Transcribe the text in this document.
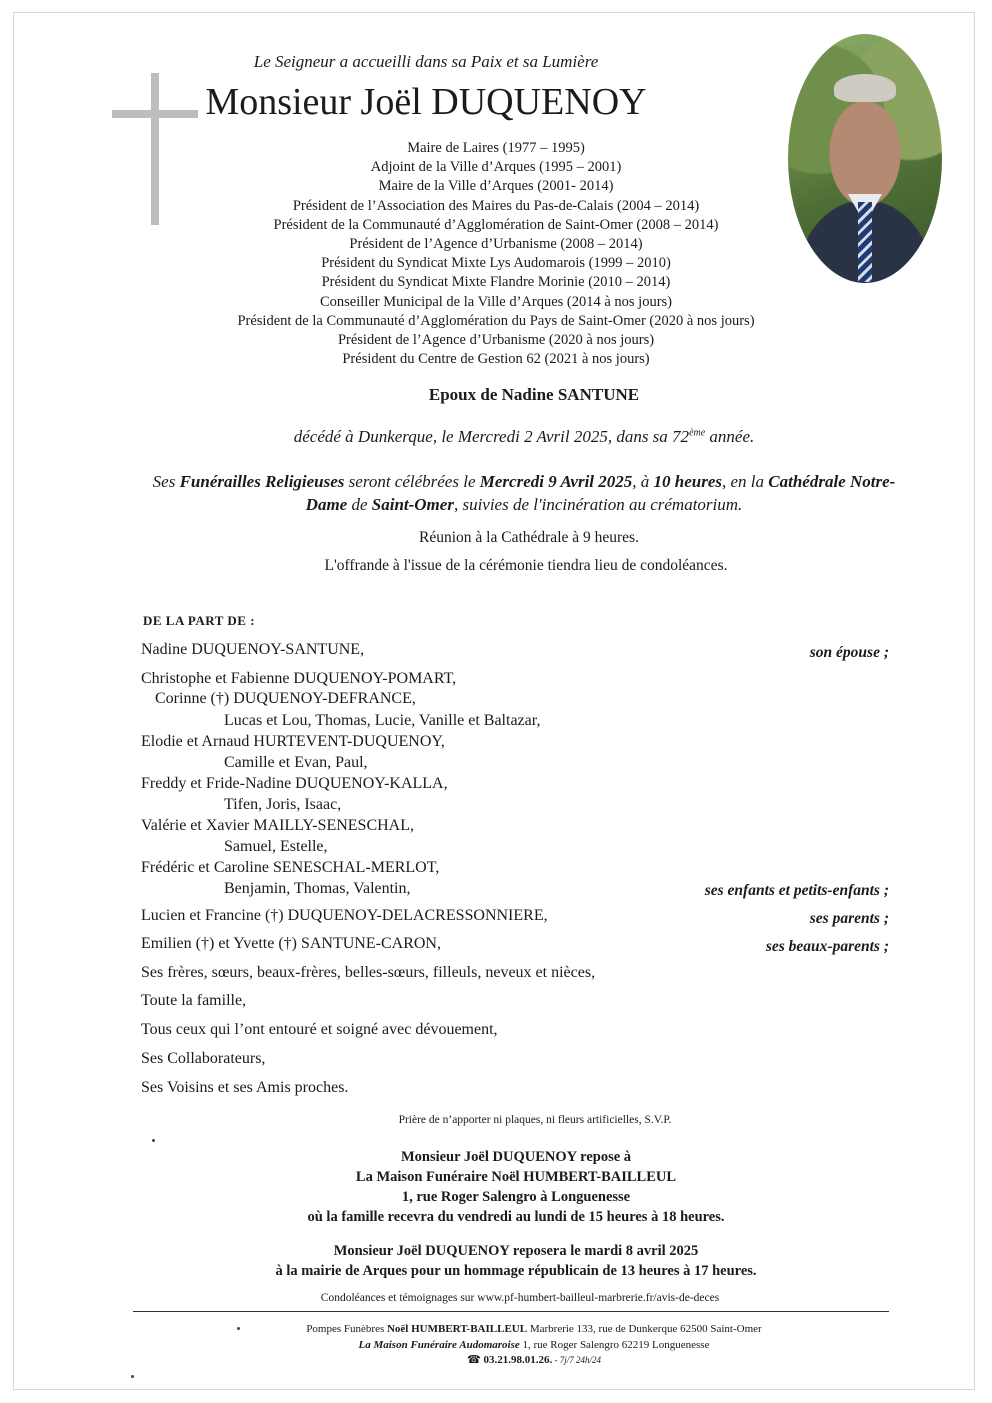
Le Seigneur a accueilli dans sa Paix et sa Lumière
Monsieur Joël DUQUENOY
Maire de Laires (1977 – 1995)
Adjoint de la Ville d’Arques (1995 – 2001)
Maire de la Ville d’Arques (2001- 2014)
Président de l’Association des Maires du Pas-de-Calais (2004 – 2014)
Président de la Communauté d’Agglomération de Saint-Omer (2008 – 2014)
Président de l’Agence d’Urbanisme (2008 – 2014)
Président du Syndicat Mixte Lys Audomarois (1999 – 2010)
Président du Syndicat Mixte Flandre Morinie (2010 – 2014)
Conseiller Municipal de la Ville d’Arques (2014 à nos jours)
Président de la Communauté d’Agglomération du Pays de Saint-Omer (2020 à nos jours)
Président de l’Agence d’Urbanisme (2020 à nos jours)
Président du Centre de Gestion 62 (2021 à nos jours)
Epoux de Nadine SANTUNE
décédé à Dunkerque, le Mercredi 2 Avril 2025, dans sa 72ème année.
Ses Funérailles Religieuses seront célébrées le Mercredi 9 Avril 2025, à 10 heures, en la Cathédrale Notre-Dame de Saint-Omer, suivies de l'incinération au crématorium.
Réunion à la Cathédrale à 9 heures.
L'offrande à l'issue de la cérémonie tiendra lieu de condoléances.
DE LA PART DE :
Nadine DUQUENOY-SANTUNE,	son épouse ;
Christophe et Fabienne DUQUENOY-POMART,
Corinne (†) DUQUENOY-DEFRANCE,
Lucas et Lou, Thomas, Lucie, Vanille et Baltazar,
Elodie et Arnaud HURTEVENT-DUQUENOY,
Camille et Evan, Paul,
Freddy et Fride-Nadine DUQUENOY-KALLA,
Tifen, Joris, Isaac,
Valérie et Xavier MAILLY-SENESCHAL,
Samuel, Estelle,
Frédéric et Caroline SENESCHAL-MERLOT,
Benjamin, Thomas, Valentin,	ses enfants et petits-enfants ;
Lucien et Francine (†) DUQUENOY-DELACRESSONNIERE,	ses parents ;
Emilien (†) et Yvette (†) SANTUNE-CARON,	ses beaux-parents ;
Ses frères, sœurs, beaux-frères, belles-sœurs, filleuls, neveux et nièces,
Toute la famille,
Tous ceux qui l’ont entouré et soigné avec dévouement,
Ses Collaborateurs,
Ses Voisins et ses Amis proches.
Prière de n’apporter ni plaques, ni fleurs artificielles, S.V.P.
Monsieur Joël DUQUENOY repose à
La Maison Funéraire Noël HUMBERT-BAILLEUL
1, rue Roger Salengro à Longuenesse
où la famille recevra du vendredi au lundi de 15 heures à 18 heures.
Monsieur Joël DUQUENOY reposera le mardi 8 avril 2025
à la mairie de Arques pour un hommage républicain de 13 heures à 17 heures.
Condoléances et témoignages sur www.pf-humbert-bailleul-marbrerie.fr/avis-de-deces
Pompes Funèbres Noël HUMBERT-BAILLEUL Marbrerie 133, rue de Dunkerque 62500 Saint-Omer
La Maison Funéraire Audomaroise 1, rue Roger Salengro 62219 Longuenesse
☎ 03.21.98.01.26. - 7j/7 24h/24
